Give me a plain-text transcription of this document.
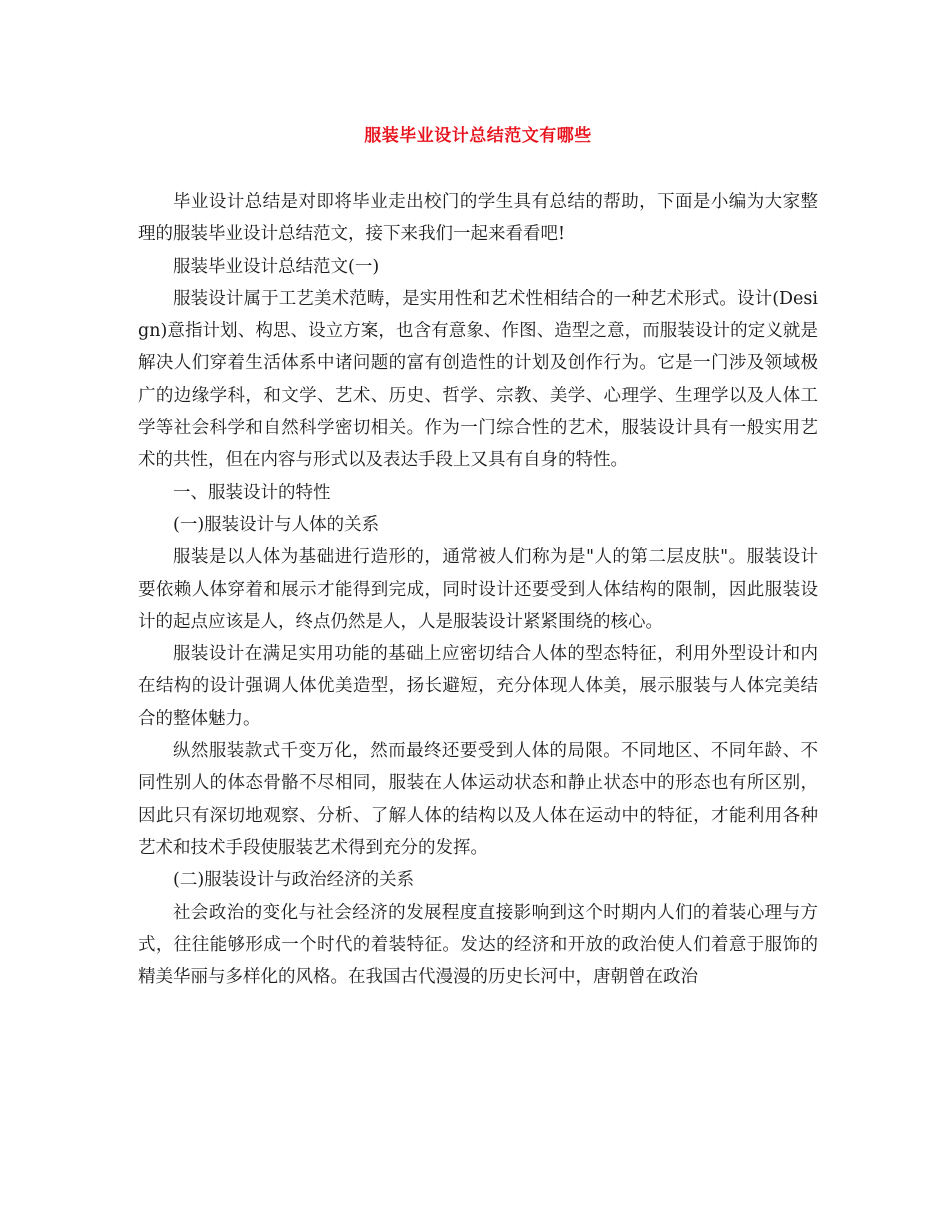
服装毕业设计总结范文有哪些

毕业设计总结是对即将毕业走出校门的学生具有总结的帮助，下面是小编为大家整理的服装毕业设计总结范文，接下来我们一起来看看吧!

服装毕业设计总结范文(一)

服装设计属于工艺美术范畴，是实用性和艺术性相结合的一种艺术形式。设计(Design)意指计划、构思、设立方案，也含有意象、作图、造型之意，而服装设计的定义就是解决人们穿着生活体系中诸问题的富有创造性的计划及创作行为。它是一门涉及领域极广的边缘学科，和文学、艺术、历史、哲学、宗教、美学、心理学、生理学以及人体工学等社会科学和自然科学密切相关。作为一门综合性的艺术，服装设计具有一般实用艺术的共性，但在内容与形式以及表达手段上又具有自身的特性。

一、服装设计的特性

(一)服装设计与人体的关系

服装是以人体为基础进行造形的，通常被人们称为是"人的第二层皮肤"。服装设计要依赖人体穿着和展示才能得到完成，同时设计还要受到人体结构的限制，因此服装设计的起点应该是人，终点仍然是人，人是服装设计紧紧围绕的核心。

服装设计在满足实用功能的基础上应密切结合人体的型态特征，利用外型设计和内在结构的设计强调人体优美造型，扬长避短，充分体现人体美，展示服装与人体完美结合的整体魅力。

纵然服装款式千变万化，然而最终还要受到人体的局限。不同地区、不同年龄、不同性别人的体态骨骼不尽相同，服装在人体运动状态和静止状态中的形态也有所区别，因此只有深切地观察、分析、了解人体的结构以及人体在运动中的特征，才能利用各种艺术和技术手段使服装艺术得到充分的发挥。

(二)服装设计与政治经济的关系

社会政治的变化与社会经济的发展程度直接影响到这个时期内人们的着装心理与方式，往往能够形成一个时代的着装特征。发达的经济和开放的政治使人们着意于服饰的精美华丽与多样化的风格。在我国古代漫漫的历史长河中，唐朝曾在政治
